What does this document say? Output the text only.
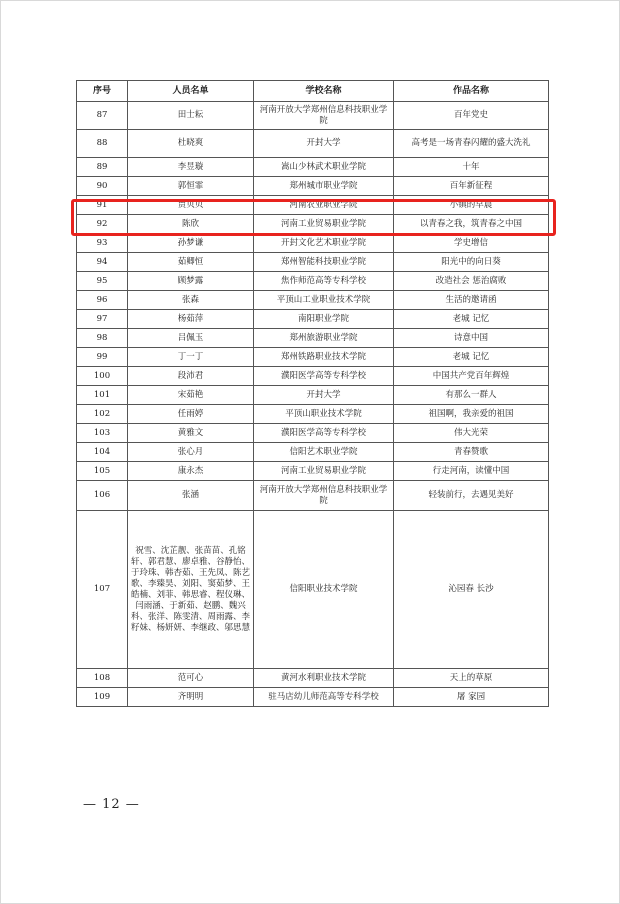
序号	人员名单	学校名称	作品名称
87	田士耘	河南开放大学郑州信息科技职业学院	百年党史
88	杜晓爽	开封大学	高考是一场青春闪耀的盛大洗礼
89	李昱璇	嵩山少林武术职业学院	十年
90	郭恒霏	郑州城市职业学院	百年新征程
91	贾贝贝	河南农业职业学院	小镇的早晨
92	陈欣	河南工业贸易职业学院	以青春之我，筑青春之中国
93	孙梦谦	开封文化艺术职业学院	学史增信
94	茹卿恒	郑州智能科技职业学院	阳光中的向日葵
95	顾梦露	焦作师范高等专科学校	改造社会 惩治腐败
96	张森	平顶山工业职业技术学院	生活的邀请函
97	杨茹萍	南阳职业学院	老城 记忆
98	吕佩玉	郑州旅游职业学院	诗意中国
99	丁一丁	郑州铁路职业技术学院	老城 记忆
100	段沛君	濮阳医学高等专科学校	中国共产党百年辉煌
101	宋茹艳	开封大学	有那么一群人
102	任雨婷	平顶山职业技术学院	祖国啊，我亲爱的祖国
103	黄雅文	濮阳医学高等专科学校	伟大光荣
104	张心月	信阳艺术职业学院	青春赞歌
105	康永杰	河南工业贸易职业学院	行走河南，读懂中国
106	张涵	河南开放大学郑州信息科技职业学院	轻装前行，去遇见美好
107	祝雪、沈芷靓、张苗苗、孔铭轩、郭君慧、廖卓雅、谷静怡、于玲珠、韩杏茹、王先凤、陈艺歌、李臻昊、刘阳、窦茹梦、王皓楠、刘菲、韩思睿、程仪琳、闫雨涵、于新茹、赵鹏、魏兴科、张洋、陈雯清、周雨露、李籽妹、杨妍妍、李继政、邬思慧	信阳职业技术学院	沁园春 长沙
108	范可心	黄河水利职业技术学院	天上的草原
109	齐明明	驻马店幼儿师范高等专科学校	屠 家园
— 12 —
